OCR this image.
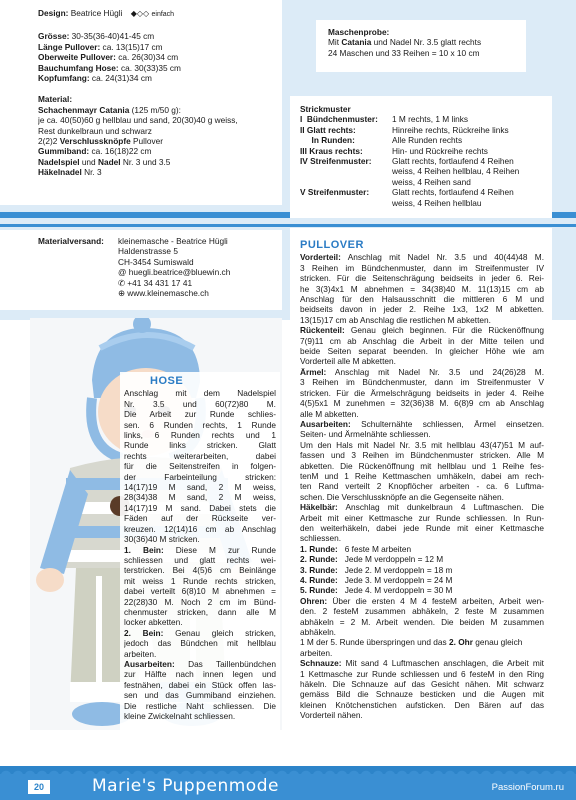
Design: Beatrice Hügli ◆◇◇ einfach
Grösse: 30-35(36-40)41-45 cm
Länge Pullover: ca. 13(15)17 cm
Oberweite Pullover: ca. 26(30)34 cm
Bauchumfang Hose: ca. 30(33)35 cm
Kopfumfang: ca. 24(31)34 cm
Material:
Schachenmayr Catania (125 m/50 g):
je ca. 40(50)60 g hellblau und sand, 20(30)40 g weiss,
Rest dunkelbraun und schwarz
2(2)2 Verschlussknöpfe Pullover
Gummiband: ca. 16(18)22 cm
Nadelspiel und Nadel Nr. 3 und 3.5
Häkelnadel Nr. 3
Materialversand:	kleinemasche - Beatrice Hügli
Haldenstrasse 5
CH-3454 Sumiswald
@ huegli.beatrice@bluewin.ch
✆ +41 34 431 17 41
⊕ www.kleinemasche.ch
Maschenprobe:
Mit Catania und Nadel Nr. 3.5 glatt rechts
24 Maschen und 33 Reihen = 10 x 10 cm
Strickmuster
I  Bündchenmuster:	1 M rechts, 1 M links
II Glatt rechts:	Hinreihe rechts, Rückreihe links
In Runden:	Alle Runden rechts
III Kraus rechts:	Hin- und Rückreihe rechts
IV Streifenmuster:	Glatt rechts, fortlaufend 4 Reihen
weiss, 4 Reihen hellblau, 4 Reihen
weiss, 4 Reihen sand
V Streifenmuster:	Glatt rechts, fortlaufend 4 Reihen
weiss, 4 Reihen hellblau
HOSE
Anschlag mit dem Nadelspiel
Nr. 3.5 und 60(72)80 M.
Die Arbeit zur Runde schlies-
sen. 6 Runden rechts, 1 Runde
links, 6 Runden rechts und 1
Runde links stricken. Glatt
rechts weiterarbeiten, dabei
für die Seitenstreifen in folgen-
der Farbeinteilung stricken:
14(17)19 M sand, 2 M weiss,
28(34)38 M sand, 2 M weiss,
14(17)19 M sand. Dabei stets die
Fäden auf der Rückseite ver-
kreuzen. 12(14)16 cm ab Anschlag
30(36)40 M stricken.
1. Bein: Diese M zur Runde
schliessen und glatt rechts wei-
terstricken. Bei 4(5)6 cm Beinlänge
mit weiss 1 Runde rechts stricken,
dabei verteilt 6(8)10 M abnehmen =
22(28)30 M. Noch 2 cm im Bünd-
chenmuster stricken, dann alle M
locker abketten.
2. Bein: Genau gleich stricken,
jedoch das Bündchen mit hellblau
arbeiten.
Ausarbeiten: Das Taillenbündchen
zur Hälfte nach innen legen und
festnähen, dabei ein Stück offen las-
sen und das Gummiband einziehen.
Die restliche Naht schliessen. Die
kleine Zwickelnaht schliessen.
PULLOVER
Vorderteil: Anschlag mit Nadel Nr. 3.5 und 40(44)48 M.
3 Reihen im Bündchenmuster, dann im Streifenmuster IV
stricken. Für die Seitenschrägung beidseits in jeder 6. Rei-
he 3(3)4x1 M abnehmen = 34(38)40 M. 11(13)15 cm ab
Anschlag für den Halsausschnitt die mittleren 6 M und
beidseits davon in jeder 2. Reihe 1x3, 1x2 M abketten.
13(15)17 cm ab Anschlag die restlichen M abketten.
Rückenteil: Genau gleich beginnen. Für die Rückenöffnung
7(9)11 cm ab Anschlag die Arbeit in der Mitte teilen und
beide Seiten separat beenden. In gleicher Höhe wie am
Vorderteil alle M abketten.
Ärmel: Anschlag mit Nadel Nr. 3.5 und 24(26)28 M.
3 Reihen im Bündchenmuster, dann im Streifenmuster V
stricken. Für die Ärmelschrägung beidseits in jeder 4. Reihe
4(5)5x1 M zunehmen = 32(36)38 M. 6(8)9 cm ab Anschlag
alle M abketten.
Ausarbeiten: Schulternähte schliessen, Ärmel einsetzen.
Seiten- und Ärmelnähte schliessen.
Um den Hals mit Nadel Nr. 3.5 mit hellblau 43(47)51 M auf-
fassen und 3 Reihen im Bündchenmuster stricken. Alle M
abketten. Die Rückenöffnung mit hellblau und 1 Reihe fes-
tenM und 1 Reihe Kettmaschen umhäkeln, dabei am rech-
ten Rand verteilt 2 Knopflöcher arbeiten - ca. 6 Luftma-
schen. Die Verschlussknöpfe an die Gegenseite nähen.
Häkelbär: Anschlag mit dunkelbraun 4 Luftmaschen. Die
Arbeit mit einer Kettmasche zur Runde schliessen. In Run-
den weiterhäkeln, dabei jede Runde mit einer Kettmasche
schliessen.
1. Runde:   6 feste M arbeiten
2. Runde:   Jede M verdoppeln = 12 M
3. Runde:   Jede 2. M verdoppeln = 18 m
4. Runde:   Jede 3. M verdoppeln = 24 M
5. Runde:   Jede 4. M verdoppeln = 30 M
Ohren: Über die ersten 4 M 4 festeM arbeiten, Arbeit wen-
den. 2 festeM zusammen abhäkeln, 2 feste M zusammen
abhäkeln = 2 M. Arbeit wenden. Die beiden M zusammen
abhäkeln.
1 M der 5. Runde überspringen und das 2. Ohr genau gleich
arbeiten.
Schnauze: Mit sand 4 Luftmaschen anschlagen, die Arbeit mit
1 Kettmasche zur Runde schliessen und 6 festeM in den Ring
häkeln. Die Schnauze auf das Gesicht nähen. Mit schwarz
gemäss Bild die Schnauze besticken und die Augen mit
kleinen Knötchenstichen aufsticken. Den Bären auf das
Vorderteil nähen.
20	Marie's Puppenmode	PassionForum.ru
